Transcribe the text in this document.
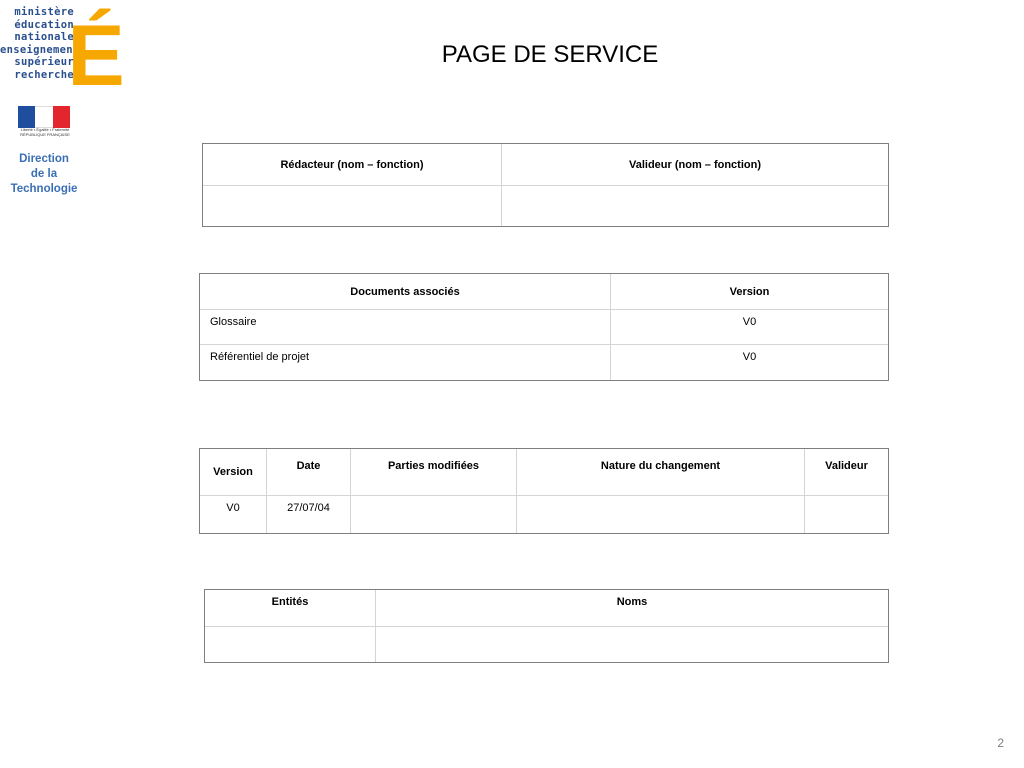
ministère
éducation
nationale
enseignement
supérieur
recherche
É
Liberté • Égalité • Fraternité
RÉPUBLIQUE FRANÇAISE
Direction
de la
Technologie
PAGE DE SERVICE
Rédacteur (nom – fonction)	Valideur (nom – fonction)

Documents associés	Version
Glossaire	V0
Référentiel de projet	V0
Version	Date	Parties modifiées	Nature du changement	Valideur
V0	27/07/04			
Entités	Noms

2
